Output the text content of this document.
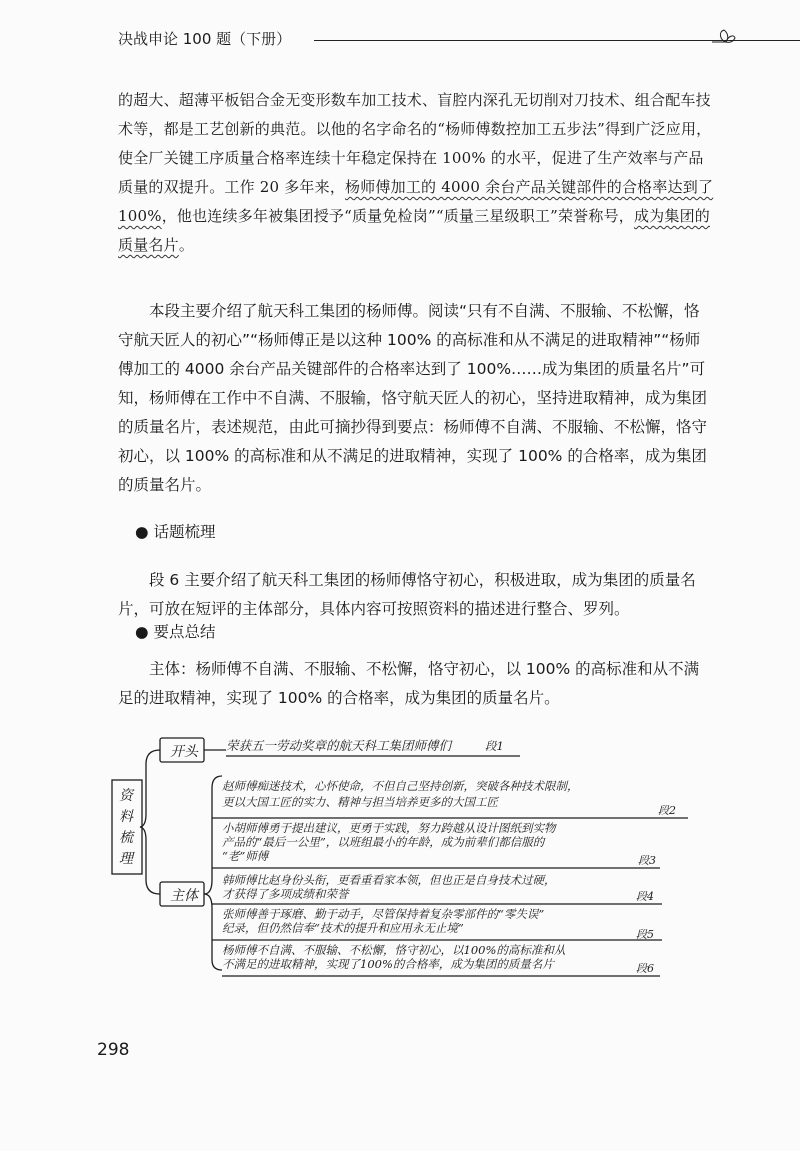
决战申论 100 题（下册）

的超大、超薄平板铝合金无变形数车加工技术、盲腔内深孔无切削对刀技术、组合配车技术等，都是工艺创新的典范。以他的名字命名的“杨师傅数控加工五步法”得到广泛应用，使全厂关键工序质量合格率连续十年稳定保持在 100% 的水平，促进了生产效率与产品质量的双提升。工作 20 多年来，杨师傅加工的 4000 余台产品关键部件的合格率达到了 100%，他也连续多年被集团授予“质量免检岗”“质量三星级职工”荣誉称号，成为集团的质量名片。

本段主要介绍了航天科工集团的杨师傅。阅读“只有不自满、不服输、不松懈，恪守航天匠人的初心”“杨师傅正是以这种 100% 的高标准和从不满足的进取精神”“杨师傅加工的 4000 余台产品关键部件的合格率达到了 100%……成为集团的质量名片”可知，杨师傅在工作中不自满、不服输，恪守航天匠人的初心，坚持进取精神，成为集团的质量名片，表述规范，由此可摘抄得到要点：杨师傅不自满、不服输、不松懈，恪守初心，以 100% 的高标准和从不满足的进取精神，实现了 100% 的合格率，成为集团的质量名片。

● 话题梳理

段 6 主要介绍了航天科工集团的杨师傅恪守初心，积极进取，成为集团的质量名片，可放在短评的主体部分，具体内容可按照资料的描述进行整合、罗列。

● 要点总结

主体：杨师傅不自满、不服输、不松懈，恪守初心，以 100% 的高标准和从不满足的进取精神，实现了 100% 的合格率，成为集团的质量名片。

资
料
梳
理
开头 荣获五一劳动奖章的航天科工集团师傅们	段1
主体
赵师傅痴迷技术，心怀使命，不但自己坚持创新，突破各种技术限制，
更以大国工匠的实力、精神与担当培养更多的大国工匠
段2
小胡师傅勇于提出建议，更勇于实践，努力跨越从设计图纸到实物
产品的“最后一公里”，以班组最小的年龄，成为前辈们都信服的
“老”师傅	段3
韩师傅比赵身份头衔，更看重看家本领，但也正是自身技术过硬，
才获得了多项成绩和荣誉	段4
张师傅善于琢磨、勤于动手，尽管保持着复杂零部件的“零失误”
纪录，但仍然信奉“技术的提升和应用永无止境”	段5
杨师傅不自满、不服输、不松懈，恪守初心，以100%的高标准和从
不满足的进取精神，实现了100%的合格率，成为集团的质量名片	段6
298
